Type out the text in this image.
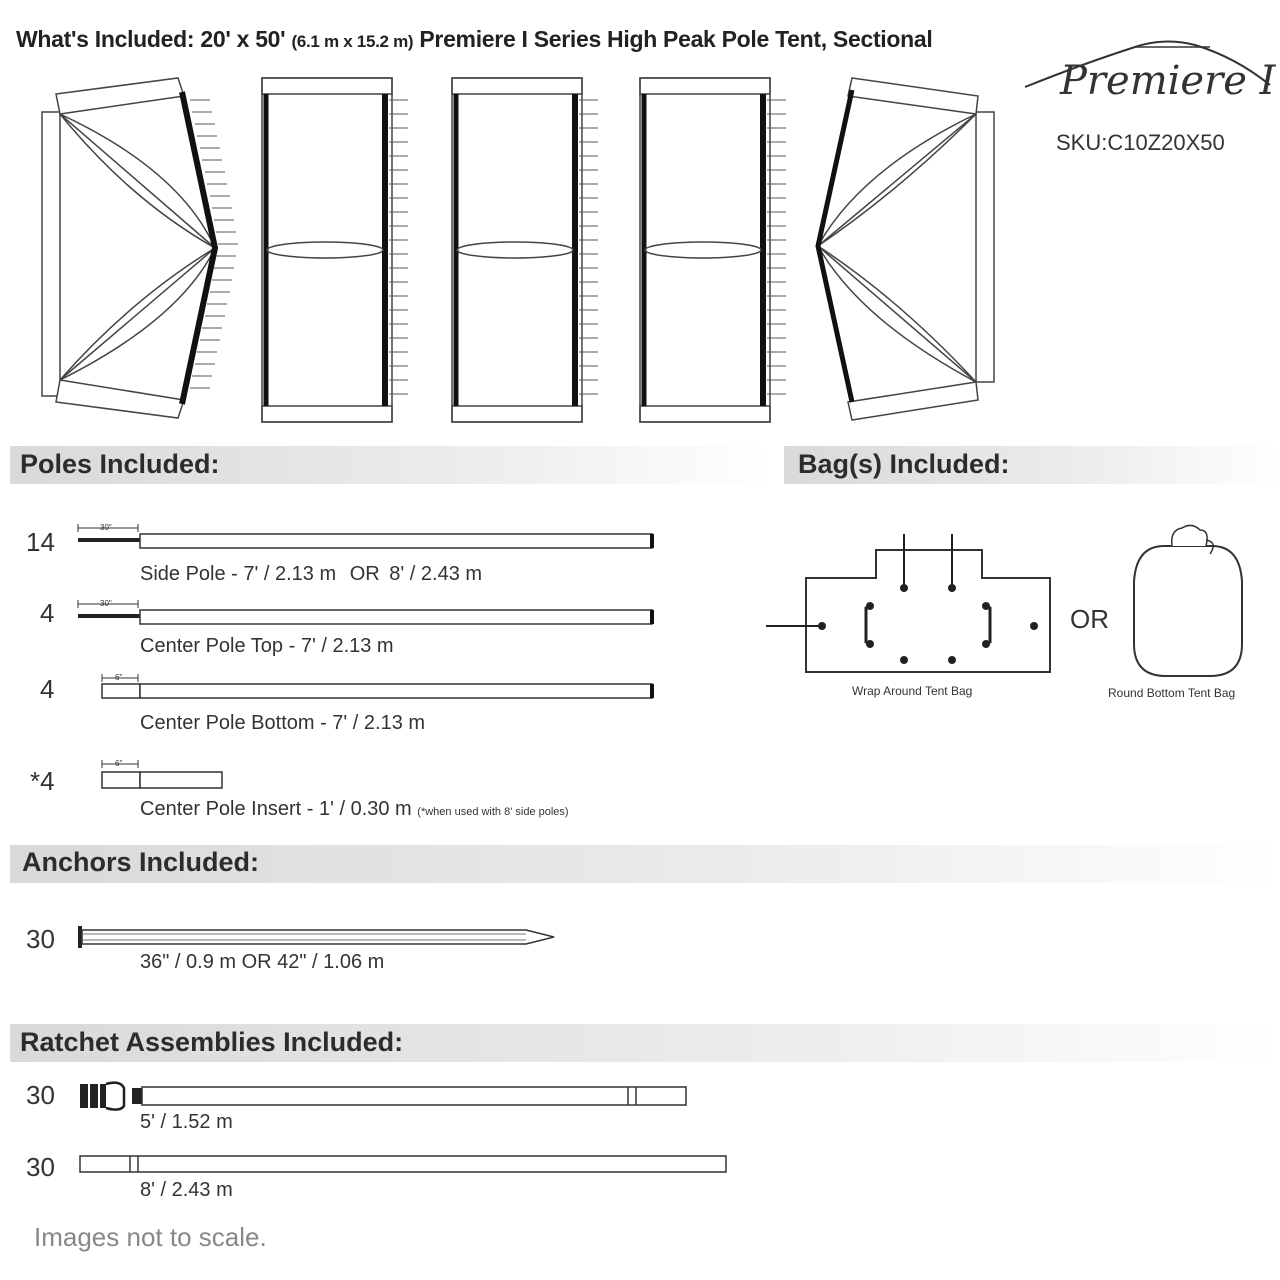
What's Included: 20' x 50' (6.1 m x 15.2 m) Premiere I Series High Peak Pole Tent, Sectional
Premiere I
SKU:C10Z20X50
Poles Included:	Bag(s) Included:
14	30"
Side Pole - 7' / 2.13 m OR 8' / 2.43 m
4	30"
Center Pole Top - 7' / 2.13 m
4	6"
Center Pole Bottom - 7' / 2.13 m
*4
6"
Center Pole Insert - 1' / 0.30 m (*when used with 8' side poles)
Wrap Around Tent Bag
OR
Round Bottom Tent Bag
Anchors Included:
30
36" / 0.9 m OR 42" / 1.06 m
Ratchet Assemblies Included:
30
5' / 1.52 m
30
8' / 2.43 m
Images not to scale.
